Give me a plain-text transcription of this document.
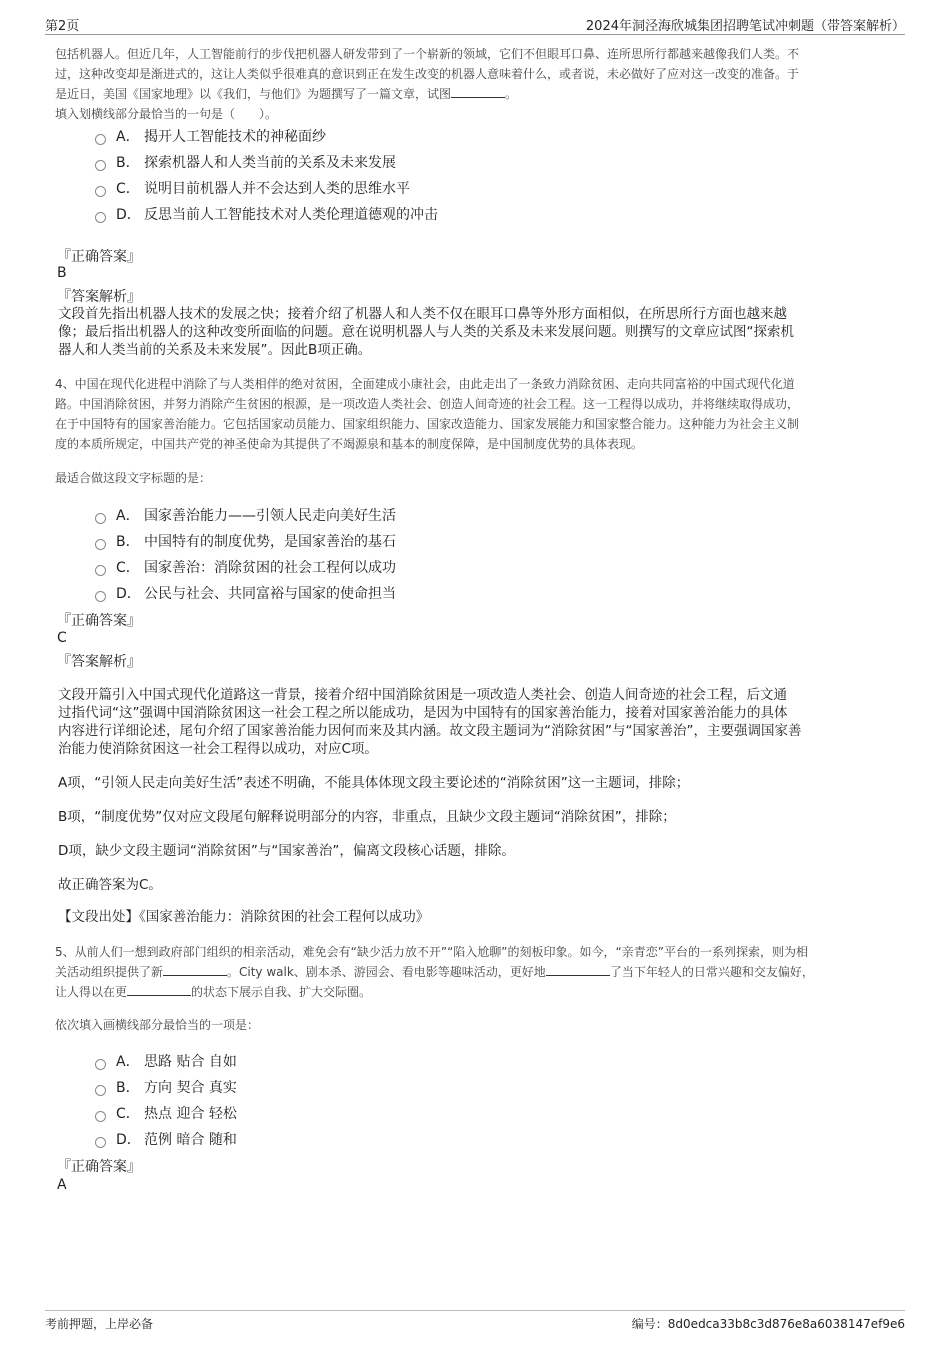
第2页	2024年洞泾海欣城集团招聘笔试冲刺题（带答案解析）
包括机器人。但近几年，人工智能前行的步伐把机器人研发带到了一个崭新的领域，它们不但眼耳口鼻、连所思所行都越来越像我们人类。不
过，这种改变却是渐进式的，这让人类似乎很难真的意识到正在发生改变的机器人意味着什么，或者说，未必做好了应对这一改变的准备。于
是近日，美国《国家地理》以《我们，与他们》为题撰写了一篇文章，试图	。
填入划横线部分最恰当的一句是（　　）。
A． 揭开人工智能技术的神秘面纱
B． 探索机器人和人类当前的关系及未来发展
C． 说明目前机器人并不会达到人类的思维水平
D． 反思当前人工智能技术对人类伦理道德观的冲击
『正确答案』
B
『答案解析』
文段首先指出机器人技术的发展之快；接着介绍了机器人和人类不仅在眼耳口鼻等外形方面相似，在所思所行方面也越来越
像；最后指出机器人的这种改变所面临的问题。意在说明机器人与人类的关系及未来发展问题。则撰写的文章应试图“探索机
器人和人类当前的关系及未来发展”。因此B项正确。
4、中国在现代化进程中消除了与人类相伴的绝对贫困，全面建成小康社会，由此走出了一条致力消除贫困、走向共同富裕的中国式现代化道
路。中国消除贫困，并努力消除产生贫困的根源，是一项改造人类社会、创造人间奇迹的社会工程。这一工程得以成功，并将继续取得成功，
在于中国特有的国家善治能力。它包括国家动员能力、国家组织能力、国家改造能力、国家发展能力和国家整合能力。这种能力为社会主义制
度的本质所规定，中国共产党的神圣使命为其提供了不竭源泉和基本的制度保障，是中国制度优势的具体表现。
最适合做这段文字标题的是：
A． 国家善治能力——引领人民走向美好生活
B． 中国特有的制度优势，是国家善治的基石
C． 国家善治：消除贫困的社会工程何以成功
D． 公民与社会、共同富裕与国家的使命担当
『正确答案』
C
『答案解析』
文段开篇引入中国式现代化道路这一背景，接着介绍中国消除贫困是一项改造人类社会、创造人间奇迹的社会工程，后文通
过指代词“这”强调中国消除贫困这一社会工程之所以能成功，是因为中国特有的国家善治能力，接着对国家善治能力的具体
内容进行详细论述，尾句介绍了国家善治能力因何而来及其内涵。故文段主题词为“消除贫困”与“国家善治”，主要强调国家善
治能力使消除贫困这一社会工程得以成功，对应C项。
A项，“引领人民走向美好生活”表述不明确，不能具体体现文段主要论述的“消除贫困”这一主题词，排除；
B项，“制度优势”仅对应文段尾句解释说明部分的内容，非重点，且缺少文段主题词“消除贫困”，排除；
D项，缺少文段主题词“消除贫困”与“国家善治”，偏离文段核心话题，排除。
故正确答案为C。
【文段出处】《国家善治能力：消除贫困的社会工程何以成功》
5、从前人们一想到政府部门组织的相亲活动，难免会有“缺少活力放不开”“陷入尬聊”的刻板印象。如今，“亲青恋”平台的一系列探索，则为相
关活动组织提供了新	。City walk、剧本杀、游园会、看电影等趣味活动，更好地	了当下年轻人的日常兴趣和交友偏好，
让人得以在更	的状态下展示自我、扩大交际圈。
依次填入画横线部分最恰当的一项是：
A． 思路 贴合 自如
B． 方向 契合 真实
C． 热点 迎合 轻松
D． 范例 暗合 随和
『正确答案』
A
考前押题，上岸必备	编号：8d0edca33b8c3d876e8a6038147ef9e6
